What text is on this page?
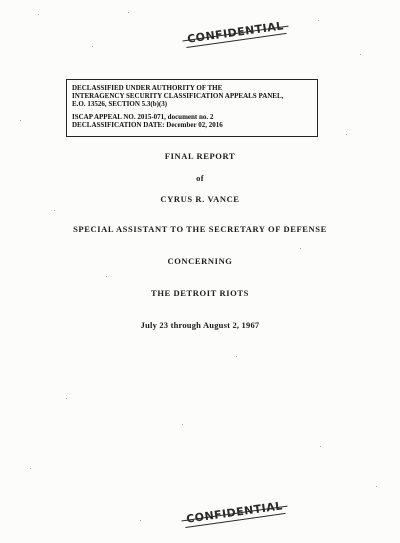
CONFIDENTIAL
DECLASSIFIED UNDER AUTHORITY OF THE
INTERAGENCY SECURITY CLASSIFICATION APPEALS PANEL,
E.O. 13526, SECTION 5.3(b)(3)
ISCAP APPEAL NO. 2015-071, document no. 2
DECLASSIFICATION DATE: December 02, 2016
FINAL REPORT
of
CYRUS R. VANCE
SPECIAL ASSISTANT TO THE SECRETARY OF DEFENSE
CONCERNING
THE DETROIT RIOTS
July 23 through August 2, 1967
CONFIDENTIAL
